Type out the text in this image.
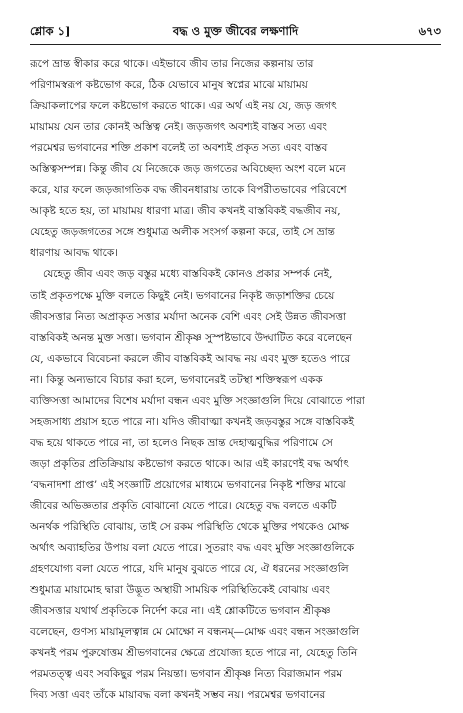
শ্লোক ১]	বদ্ধ ও মুক্ত জীবের লক্ষণাদি	৬৭৩
রূপে ভ্রান্ত স্বীকার করে থাকে। এইভাবে জীব তার নিজের কল্পনায় তার
পরিণামস্বরূপ কষ্টভোগ করে, ঠিক যেভাবে মানুষ স্বপ্নের মাঝে মায়াময়
ক্রিয়াকলাপের ফলে কষ্টভোগ করতে থাকে। এর অর্থ এই নয় যে, জড় জগৎ
মায়াময় যেন তার কোনই অস্তিত্ব নেই। জড়জগৎ অবশ্যই বাস্তব সত্য এবং
পরমেশ্বর ভগবানের শক্তি প্রকাশ বলেই তা অবশ্যই প্রকৃত সত্য এবং বাস্তব
অস্তিত্বসম্পন্ন। কিন্তু জীব যে নিজেকে জড় জগতের অবিচ্ছেদ্য অংশ বলে মনে
করে, যার ফলে জড়জাগতিক বদ্ধ জীবনধারায় তাকে বিপরীতভাবের পরিবেশে
আকৃষ্ট হতে হয়, তা মায়াময় ধারণা মাত্র। জীব কখনই বাস্তবিকই বদ্ধজীব নয়,
যেহেতু জড়জগতের সঙ্গে শুধুমাত্র অলীক সংসর্গ কল্পনা করে, তাই সে ভ্রান্ত
ধারণায় আবদ্ধ থাকে।
যেহেতু জীব এবং জড় বস্তুর মধ্যে বাস্তবিকই কোনও প্রকার সম্পর্ক নেই,
তাই প্রকৃতপক্ষে মুক্তি বলতে কিছুই নেই। ভগবানের নিকৃষ্ট জড়াশক্তির চেয়ে
জীবসত্তার নিত্য অপ্রাকৃত সত্তার মর্যাদা অনেক বেশি এবং সেই উন্নত জীবসত্তা
বাস্তবিকই অনন্ত মুক্ত সত্তা। ভগবান শ্রীকৃষ্ণ সুস্পষ্টভাবে উদ্ঘাটিত করে বলেছেন
যে, একভাবে বিবেচনা করলে জীব বাস্তবিকই আবদ্ধ নয় এবং মুক্ত হতেও পারে
না। কিন্তু অন্যভাবে বিচার করা হলে, ভগবানেরই তটস্থা শক্তিস্বরূপ একক
ব্যক্তিসত্তা আমাদের বিশেষ মর্যাদা বন্ধন এবং মুক্তি সংজ্ঞাগুলি দিয়ে বোঝাতে পারা
সহজসাধ্য প্রয়াস হতে পারে না। যদিও জীবাত্মা কখনই জড়বস্তুর সঙ্গে বাস্তবিকই
বদ্ধ হয়ে থাকতে পারে না, তা হলেও নিছক ভ্রান্ত দেহাত্মবুদ্ধির পরিণামে সে
জড়া প্রকৃতির প্রতিক্রিয়ায় কষ্টভোগ করতে থাকে। আর এই কারণেই বদ্ধ অর্থাৎ
‘বদ্ধনাদশা প্রাপ্ত’ এই সংজ্ঞাটি প্রয়োগের মাধ্যমে ভগবানের নিকৃষ্ট শক্তির মাঝে
জীবের অভিজ্ঞতার প্রকৃতি বোঝানো যেতে পারে। যেহেতু বদ্ধ বলতে একটি
অনর্থক পরিস্থিতি বোঝায়, তাই সে রকম পরিস্থিতি থেকে মুক্তির পথকেও মোক্ষ
অর্থাৎ অব্যাহতির উপায় বলা যেতে পারে। সুতরাং বদ্ধ এবং মুক্তি সংজ্ঞাগুলিকে
গ্রহণযোগ্য বলা যেতে পারে, যদি মানুষ বুঝতে পারে যে, ঐ ধরনের সংজ্ঞাগুলি
শুধুমাত্র মায়ামোহ দ্বারা উদ্ভূত অস্থায়ী সাময়িক পরিস্থিতিকেই বোঝায় এবং
জীবসত্তার যথার্থ প্রকৃতিকে নির্দেশ করে না। এই শ্লোকটিতে ভগবান শ্রীকৃষ্ণ
বলেছেন, গুণস্য মায়ামূলত্বান্ন মে মোক্ষো ন বন্ধনম্—মোক্ষ এবং বন্ধন সংজ্ঞাগুলি
কখনই পরম পুরুষোত্তম শ্রীভগবানের ক্ষেত্রে প্রযোজ্য হতে পারে না, যেহেতু তিনি
পরমতত্ত্ব এবং সবকিছুর পরম নিয়ন্তা। ভগবান শ্রীকৃষ্ণ নিত্য বিরাজমান পরম
দিব্য সত্তা এবং তাঁকে মায়াবদ্ধ বলা কখনই সম্ভব নয়। পরমেশ্বর ভগবানের
